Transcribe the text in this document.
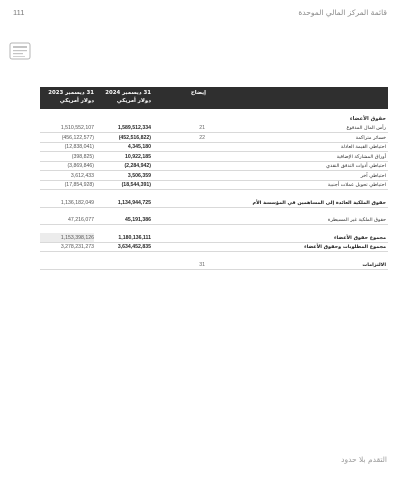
111	قائمة المركز المالي الموحدة
31 ديسمبر 2023
دولار أمريكي
31 ديسمبر 2024
دولار أمريكي
إيضاح
حقوق الأعضاء
رأس المال المدفوع
21
1,589,512,334
1,510,552,107
خسائر متراكمة
22
(452,516,822)
(456,122,577)
احتياطي القيمة العادلة
4,345,180
(12,838,041)
أوراق المشاركة الإضافية
10,922,185
(398,825)
احتياطي أدوات التدفق النقدي
(2,284,942)
(3,869,846)
احتياطي آخر
3,506,359
3,612,433
احتياطي تحويل عملات أجنبية
(18,544,391)
(17,854,928)
حقوق الملكية العائدة إلى المساهمين في المؤسسة الأم
1,134,944,725
1,136,182,049
حقوق الملكية غير المسيطرة
45,191,386
47,216,077
مجموع حقوق الأعضاء
1,180,136,111
1,153,398,126
مجموع المطلوبات وحقوق الأعضاء
3,634,452,835
3,278,231,273
الالتزامات
31
التقدم بلا حدود
